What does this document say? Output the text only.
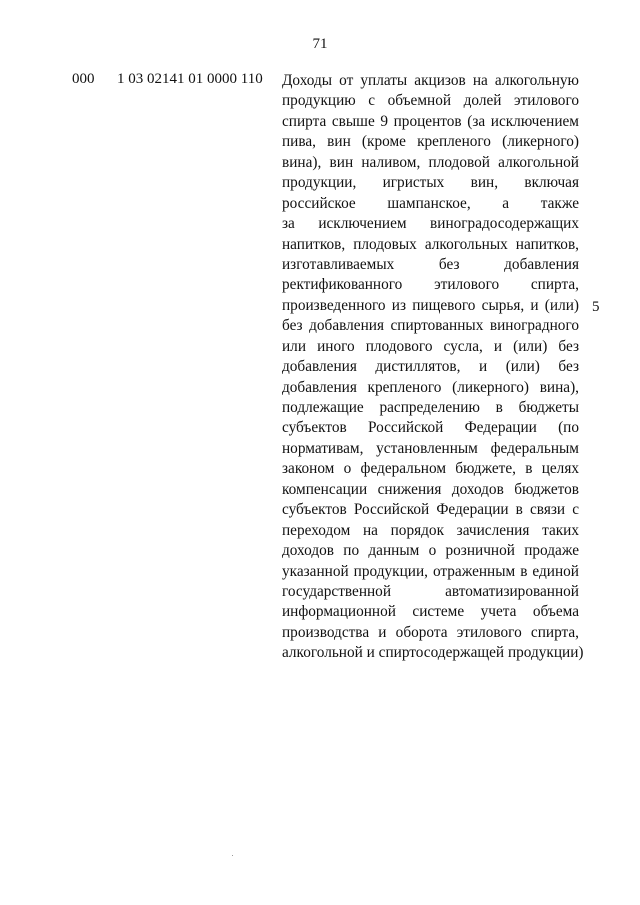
71
000 1 03 02141 01 0000 110 Доходы от уплаты акцизов на алкогольную
продукцию с объемной долей этилового
спирта свыше 9 процентов (за исключением
пива, вин (кроме крепленого (ликерного)
вина), вин наливом, плодовой алкогольной
продукции, игристых вин, включая
российское шампанское, а также
за исключением виноградосодержащих
напитков, плодовых алкогольных напитков,
изготавливаемых без добавления
ректификованного этилового спирта,
произведенного из пищевого сырья, и (или)
без добавления спиртованных виноградного
или иного плодового сусла, и (или) без
добавления дистиллятов, и (или) без
добавления крепленого (ликерного) вина),
подлежащие распределению в бюджеты
субъектов Российской Федерации (по
нормативам, установленным федеральным
законом о федеральном бюджете, в целях
компенсации снижения доходов бюджетов
субъектов Российской Федерации в связи с
переходом на порядок зачисления таких
доходов по данным о розничной продаже
указанной продукции, отраженным в единой
государственной автоматизированной
информационной системе учета объема
производства и оборота этилового спирта,
алкогольной и спиртосодержащей продукции)
5
